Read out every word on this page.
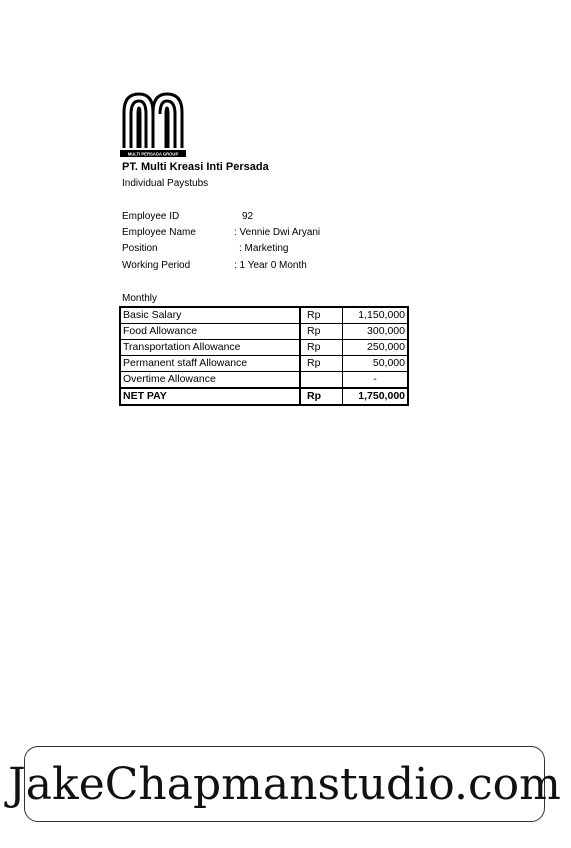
MULTI PERSADA GROUP
PT. Multi Kreasi Inti Persada
Individual Paystubs
Employee ID	92
Employee Name	: Vennie Dwi Aryani
Position	: Marketing
Working Period	: 1 Year 0 Month
Monthly
Basic Salary	Rp	1,150,000
Food Allowance	Rp	300,000
Transportation Allowance	Rp	250,000
Permanent staff Allowance	Rp	50,000
Overtime Allowance		-
NET PAY	Rp	1,750,000
JakeChapmanstudio.com
